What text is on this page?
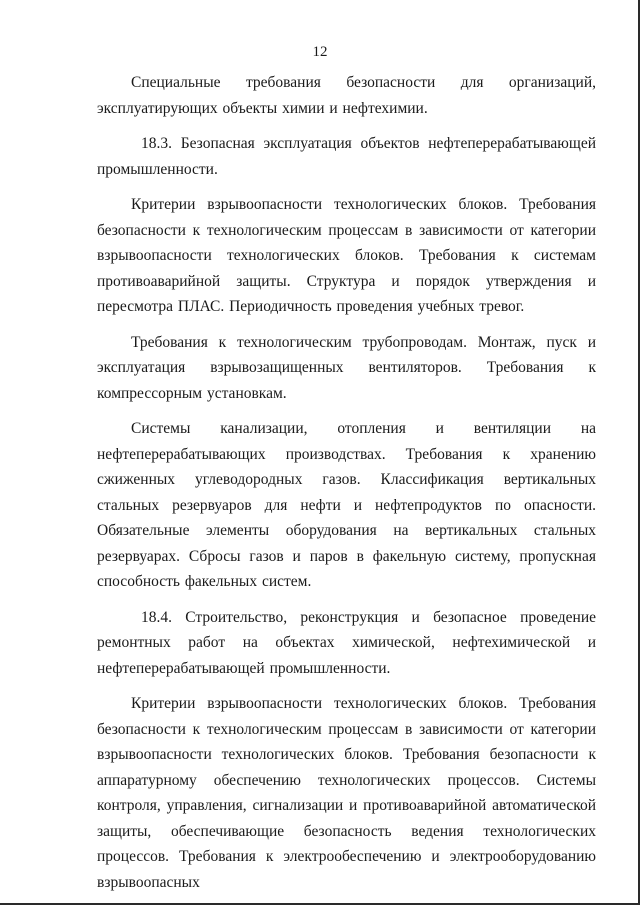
12

Специальные требования безопасности для организаций, эксплуатирующих объекты химии и нефтехимии.

18.3. Безопасная эксплуатация объектов нефтеперерабатывающей промышленности.

Критерии взрывоопасности технологических блоков. Требования безопасности к технологическим процессам в зависимости от категории взрывоопасности технологических блоков. Требования к системам противоаварийной защиты. Структура и порядок утверждения и пересмотра ПЛАС. Периодичность проведения учебных тревог.

Требования к технологическим трубопроводам. Монтаж, пуск и эксплуатация взрывозащищенных вентиляторов. Требования к компрессорным установкам.

Системы канализации, отопления и вентиляции на нефтеперерабатывающих производствах. Требования к хранению сжиженных углеводородных газов. Классификация вертикальных стальных резервуаров для нефти и нефтепродуктов по опасности. Обязательные элементы оборудования на вертикальных стальных резервуарах. Сбросы газов и паров в факельную систему, пропускная способность факельных систем.

18.4. Строительство, реконструкция и безопасное проведение ремонтных работ на объектах химической, нефтехимической и нефтеперерабатывающей промышленности.

Критерии взрывоопасности технологических блоков. Требования безопасности к технологическим процессам в зависимости от категории взрывоопасности технологических блоков. Требования безопасности к аппаратурному обеспечению технологических процессов. Системы контроля, управления, сигнализации и противоаварийной автоматической защиты, обеспечивающие безопасность ведения технологических процессов. Требования к электрообеспечению и электрооборудованию взрывоопасных
